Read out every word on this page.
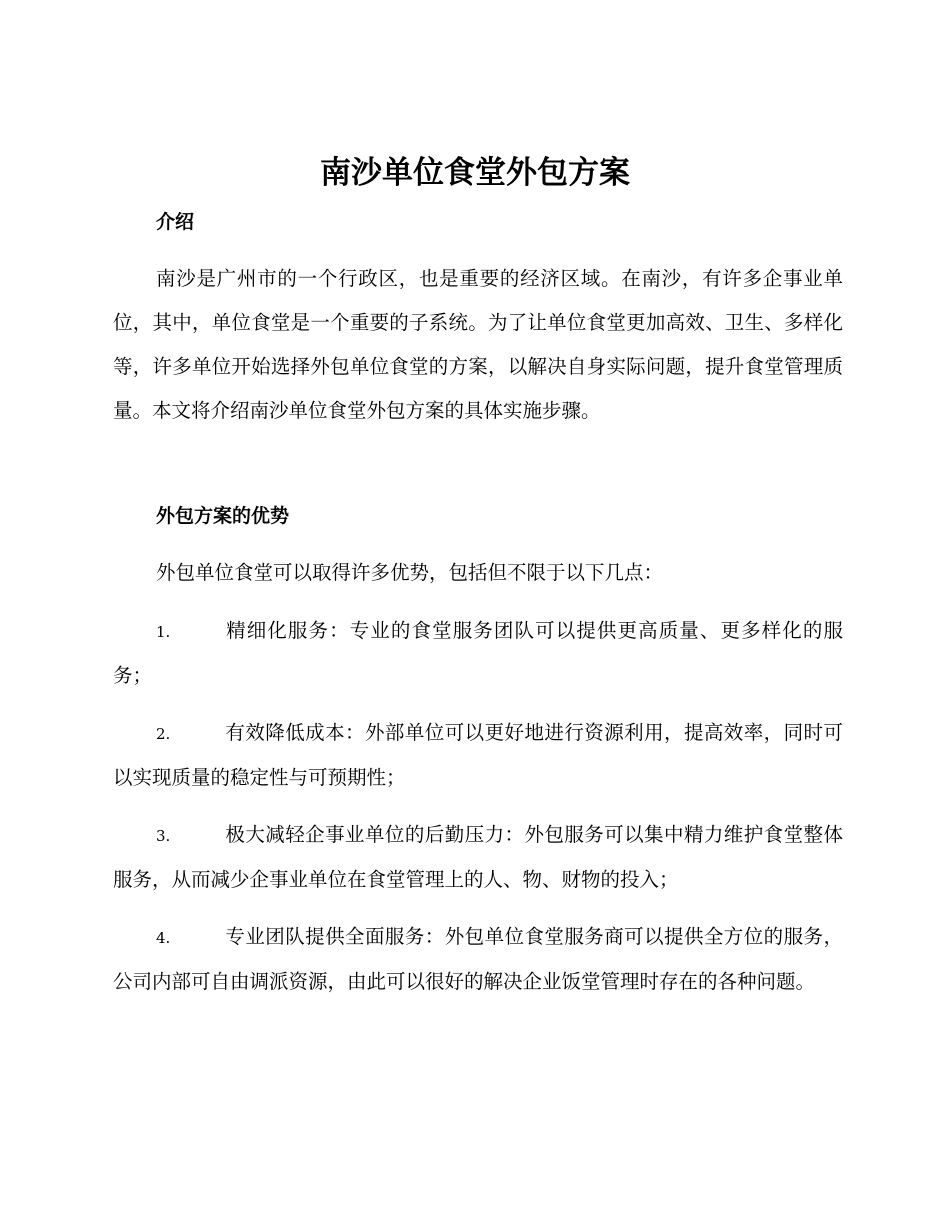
南沙单位食堂外包方案
介绍

南沙是广州市的一个行政区，也是重要的经济区域。在南沙，有许多企事业单位，其中，单位食堂是一个重要的子系统。为了让单位食堂更加高效、卫生、多样化等，许多单位开始选择外包单位食堂的方案，以解决自身实际问题，提升食堂管理质量。本文将介绍南沙单位食堂外包方案的具体实施步骤。

外包方案的优势

外包单位食堂可以取得许多优势，包括但不限于以下几点：

1.	精细化服务：专业的食堂服务团队可以提供更高质量、更多样化的服务；

2.	有效降低成本：外部单位可以更好地进行资源利用，提高效率，同时可以实现质量的稳定性与可预期性；

3.	极大减轻企事业单位的后勤压力：外包服务可以集中精力维护食堂整体服务，从而减少企事业单位在食堂管理上的人、物、财物的投入；

4.	专业团队提供全面服务：外包单位食堂服务商可以提供全方位的服务，公司内部可自由调派资源，由此可以很好的解决企业饭堂管理时存在的各种问题。
